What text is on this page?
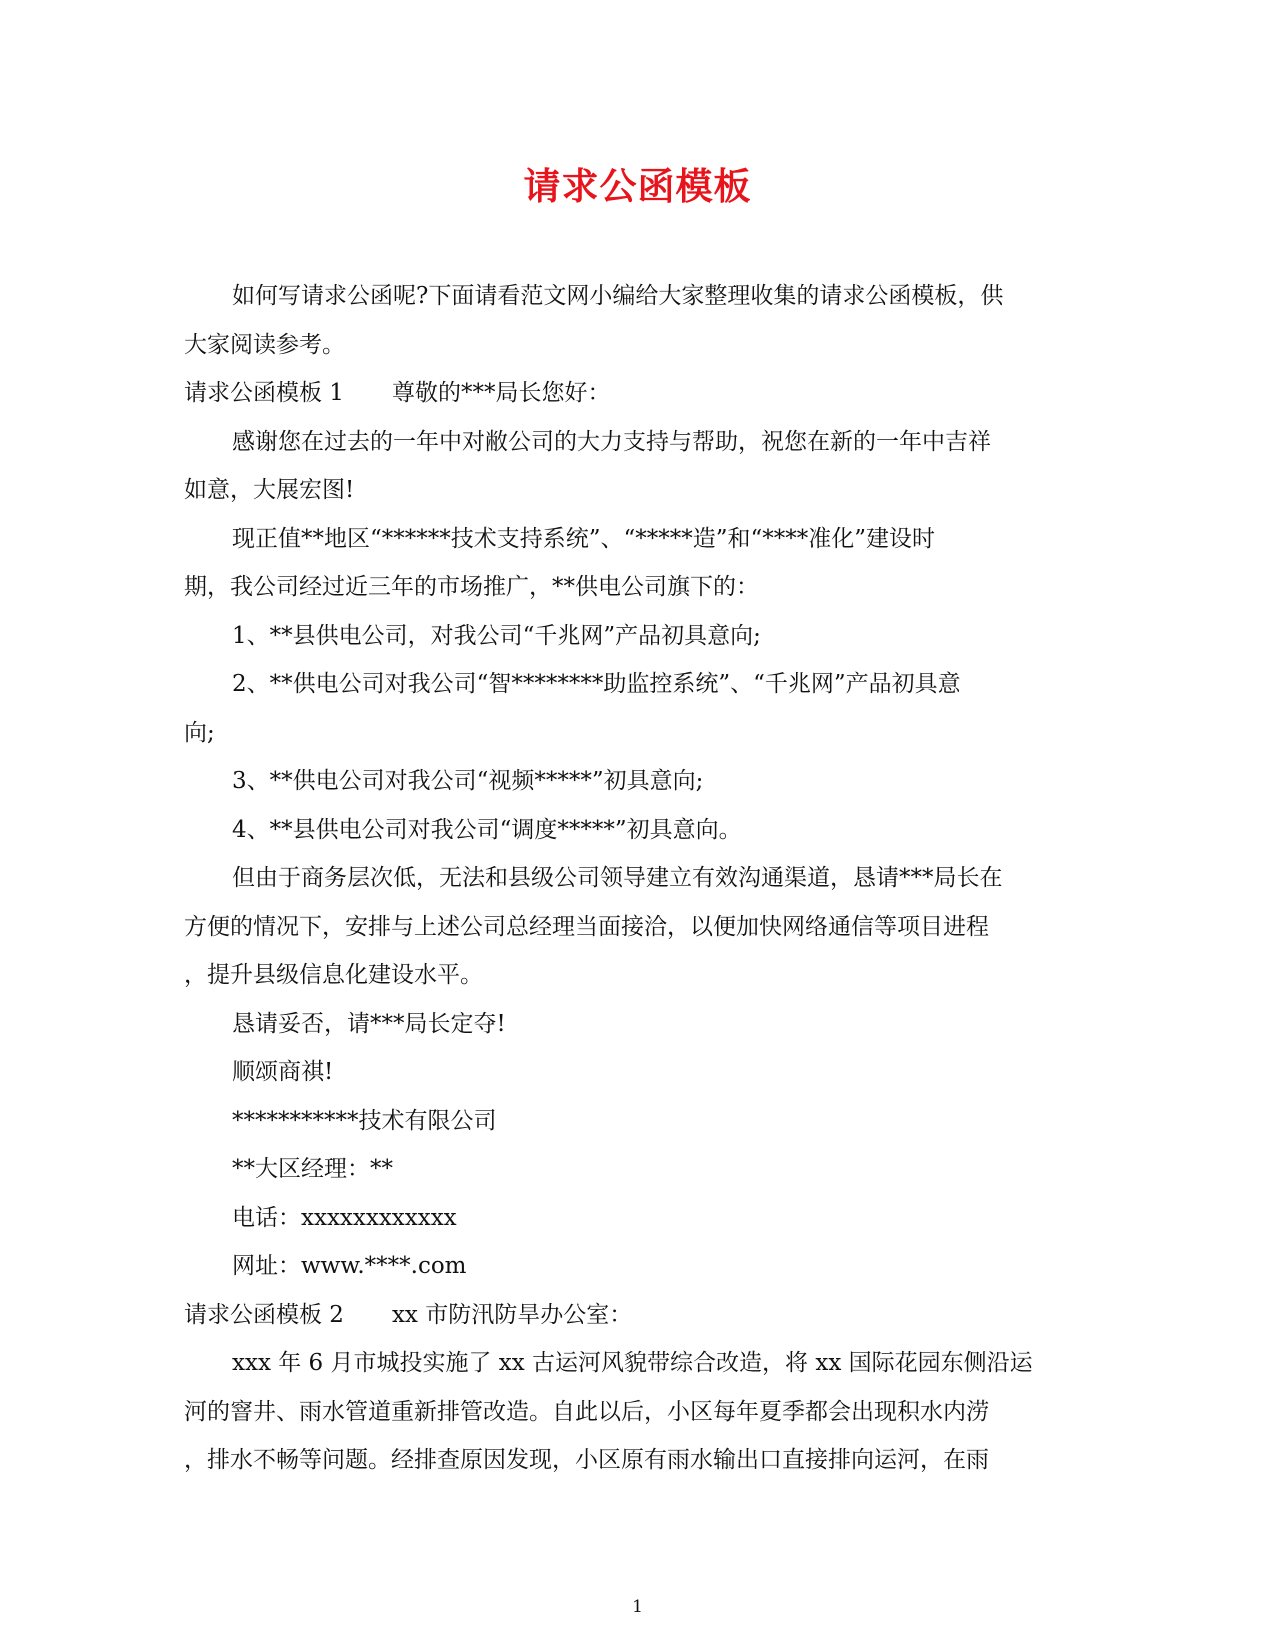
请求公函模板

如何写请求公函呢?下面请看范文网小编给大家整理收集的请求公函模板，供

大家阅读参考。

请求公函模板 1 尊敬的***局长您好：

感谢您在过去的一年中对敝公司的大力支持与帮助，祝您在新的一年中吉祥

如意，大展宏图!

现正值**地区“******技术支持系统”、“*****造”和“****准化”建设时

期，我公司经过近三年的市场推广，**供电公司旗下的：

1、**县供电公司，对我公司“千兆网”产品初具意向;

2、**供电公司对我公司“智********助监控系统”、“千兆网”产品初具意

向;

3、**供电公司对我公司“视频*****”初具意向;

4、**县供电公司对我公司“调度*****”初具意向。

但由于商务层次低，无法和县级公司领导建立有效沟通渠道，恳请***局长在

方便的情况下，安排与上述公司总经理当面接洽，以便加快网络通信等项目进程

，提升县级信息化建设水平。

恳请妥否，请***局长定夺!

顺颂商祺!

***********技术有限公司

**大区经理：**

电话：xxxxxxxxxxxx

网址：www.****.com

请求公函模板 2 xx 市防汛防旱办公室：

xxx 年 6 月市城投实施了 xx 古运河风貌带综合改造，将 xx 国际花园东侧沿运

河的窨井、雨水管道重新排管改造。自此以后，小区每年夏季都会出现积水内涝

，排水不畅等问题。经排查原因发现，小区原有雨水输出口直接排向运河，在雨

1
